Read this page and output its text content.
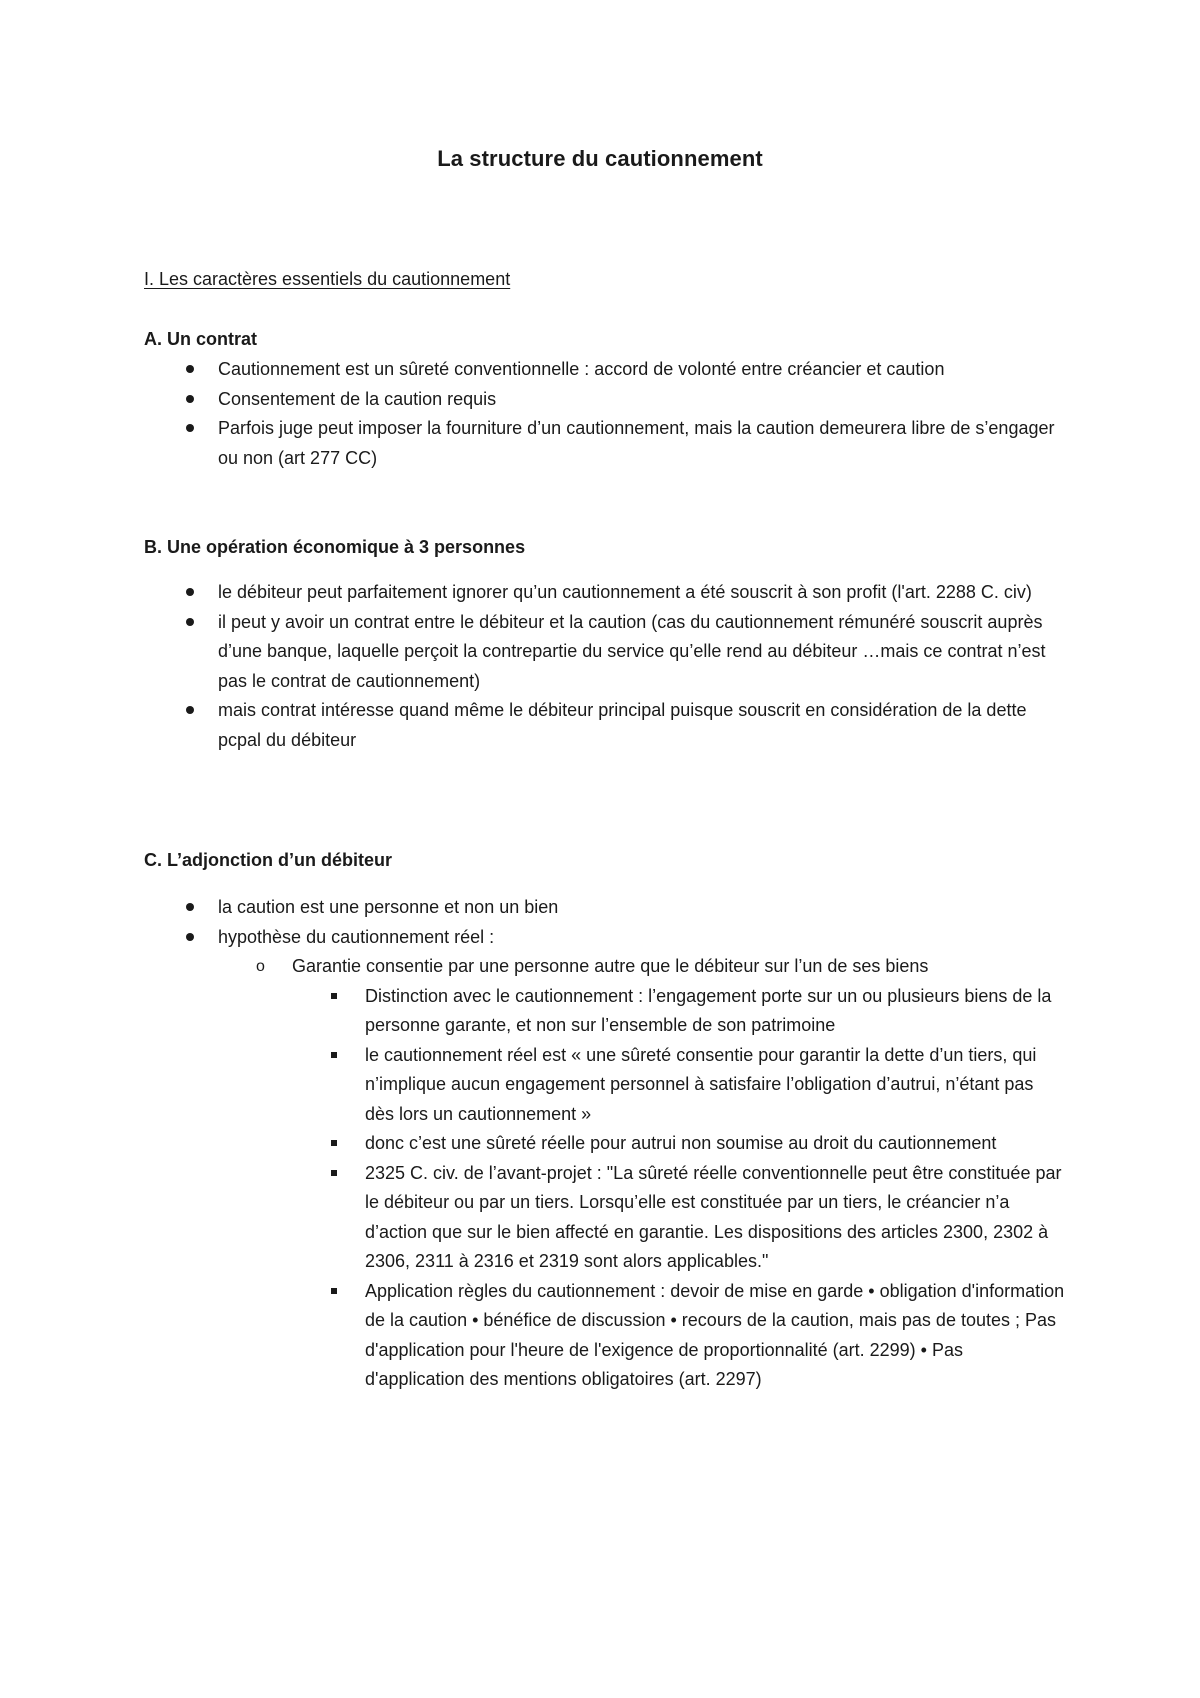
La structure du cautionnement
I. Les caractères essentiels du cautionnement
A. Un contrat
Cautionnement est un sûreté conventionnelle : accord de volonté entre créancier et caution
Consentement de la caution requis
Parfois juge peut imposer la fourniture d’un cautionnement, mais la caution demeurera libre de s’engager ou non (art 277 CC)
B. Une opération économique à 3 personnes
le débiteur peut parfaitement ignorer qu’un cautionnement a été souscrit à son profit (l'art. 2288 C. civ)
il peut y avoir un contrat entre le débiteur et la caution (cas du cautionnement rémunéré souscrit auprès d’une banque, laquelle perçoit la contrepartie du service qu’elle rend au débiteur …mais ce contrat n’est pas le contrat de cautionnement)
mais contrat intéresse quand même le débiteur principal puisque souscrit en considération de la dette pcpal du débiteur
C. L’adjonction d’un débiteur
la caution est une personne et non un bien
hypothèse du cautionnement réel :
o Garantie consentie par une personne autre que le débiteur sur l’un de ses biens
Distinction avec le cautionnement : l’engagement porte sur un ou plusieurs biens de la personne garante, et non sur l’ensemble de son patrimoine
le cautionnement réel est « une sûreté consentie pour garantir la dette d’un tiers, qui n’implique aucun engagement personnel à satisfaire l’obligation d’autrui, n’étant pas dès lors un cautionnement »
donc c’est une sûreté réelle pour autrui non soumise au droit du cautionnement
2325 C. civ. de l’avant-projet : "La sûreté réelle conventionnelle peut être constituée par le débiteur ou par un tiers. Lorsqu’elle est constituée par un tiers, le créancier n’a d’action que sur le bien affecté en garantie. Les dispositions des articles 2300, 2302 à 2306, 2311 à 2316 et 2319 sont alors applicables."
Application règles du cautionnement : devoir de mise en garde • obligation d'information de la caution • bénéfice de discussion • recours de la caution, mais pas de toutes ; Pas d'application pour l'heure de l'exigence de proportionnalité (art. 2299) • Pas d'application des mentions obligatoires (art. 2297)
